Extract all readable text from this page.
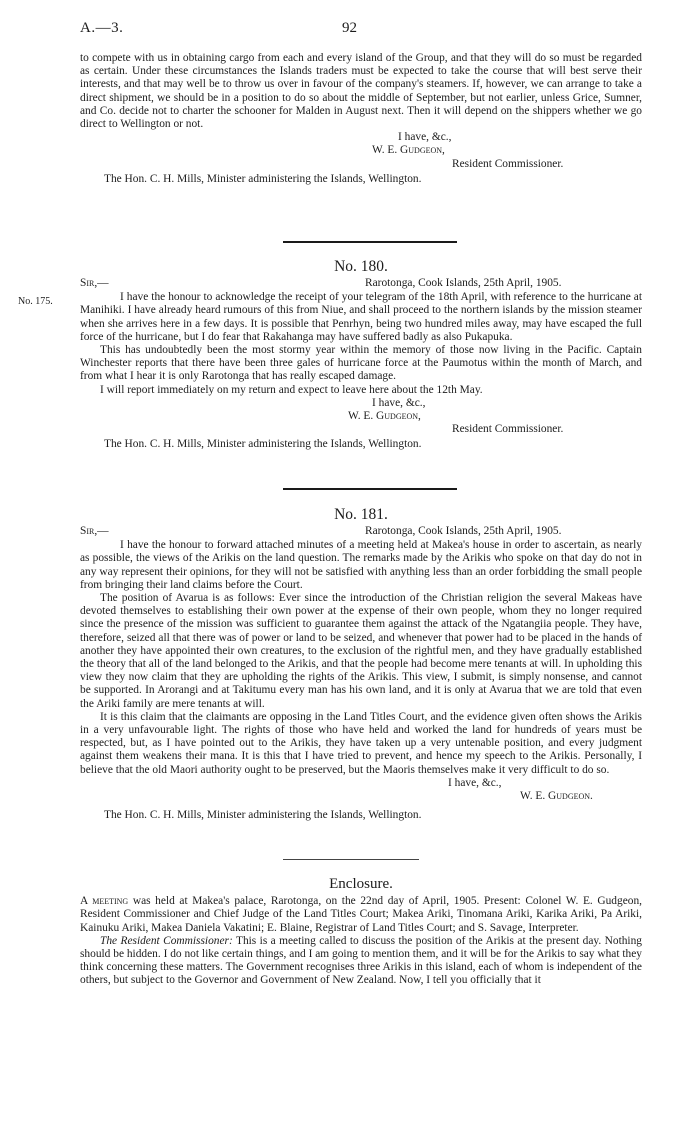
A.—3.	92

to compete with us in obtaining cargo from each and every island of the Group, and that they will do so must be regarded as certain. Under these circumstances the Islands traders must be expected to take the course that will best serve their interests, and that may well be to throw us over in favour of the company's steamers. If, however, we can arrange to take a direct shipment, we should be in a position to do so about the middle of September, but not earlier, unless Grice, Sumner, and Co. decide not to charter the schooner for Malden in August next. Then it will depend on the shippers whether we go direct to Wellington or not.

I have, &c.,

W. E. Gudgeon,

Resident Commissioner.

The Hon. C. H. Mills, Minister administering the Islands, Wellington.

No. 175.

No. 180.

Sir,—	Rarotonga, Cook Islands, 25th April, 1905.

I have the honour to acknowledge the receipt of your telegram of the 18th April, with reference to the hurricane at Manihiki. I have already heard rumours of this from Niue, and shall proceed to the northern islands by the mission steamer when she arrives here in a few days. It is possible that Penrhyn, being two hundred miles away, may have escaped the full force of the hurricane, but I do fear that Rakahanga may have suffered badly as also Pukapuka.

This has undoubtedly been the most stormy year within the memory of those now living in the Pacific. Captain Winchester reports that there have been three gales of hurricane force at the Paumotus within the month of March, and from what I hear it is only Rarotonga that has really escaped damage.

I will report immediately on my return and expect to leave here about the 12th May.

I have, &c.,

W. E. Gudgeon,

Resident Commissioner.

The Hon. C. H. Mills, Minister administering the Islands, Wellington.

No. 181.

Sir,—	Rarotonga, Cook Islands, 25th April, 1905.

I have the honour to forward attached minutes of a meeting held at Makea's house in order to ascertain, as nearly as possible, the views of the Arikis on the land question. The remarks made by the Arikis who spoke on that day do not in any way represent their opinions, for they will not be satisfied with anything less than an order forbidding the small people from bringing their land claims before the Court.

The position of Avarua is as follows: Ever since the introduction of the Christian religion the several Makeas have devoted themselves to establishing their own power at the expense of their own people, whom they no longer required since the presence of the mission was sufficient to guarantee them against the attack of the Ngatangiia people. They have, therefore, seized all that there was of power or land to be seized, and whenever that power had to be placed in the hands of another they have appointed their own creatures, to the exclusion of the rightful men, and they have gradually established the theory that all of the land belonged to the Arikis, and that the people had become mere tenants at will. In upholding this view they now claim that they are upholding the rights of the Arikis. This view, I submit, is simply nonsense, and cannot be supported. In Arorangi and at Takitumu every man has his own land, and it is only at Avarua that we are told that even the Ariki family are mere tenants at will.

It is this claim that the claimants are opposing in the Land Titles Court, and the evidence given often shows the Arikis in a very unfavourable light. The rights of those who have held and worked the land for hundreds of years must be respected, but, as I have pointed out to the Arikis, they have taken up a very untenable position, and every judgment against them weakens their mana. It is this that I have tried to prevent, and hence my speech to the Arikis. Personally, I believe that the old Maori authority ought to be preserved, but the Maoris themselves make it very difficult to do so.

I have, &c.,

W. E. Gudgeon.

The Hon. C. H. Mills, Minister administering the Islands, Wellington.

Enclosure.

A meeting was held at Makea's palace, Rarotonga, on the 22nd day of April, 1905. Present: Colonel W. E. Gudgeon, Resident Commissioner and Chief Judge of the Land Titles Court; Makea Ariki, Tinomana Ariki, Karika Ariki, Pa Ariki, Kainuku Ariki, Makea Daniela Vakatini; E. Blaine, Registrar of Land Titles Court; and S. Savage, Interpreter.

The Resident Commissioner: This is a meeting called to discuss the position of the Arikis at the present day. Nothing should be hidden. I do not like certain things, and I am going to mention them, and it will be for the Arikis to say what they think concerning these matters. The Government recognises three Arikis in this island, each of whom is independent of the others, but subject to the Governor and Government of New Zealand. Now, I tell you officially that it
